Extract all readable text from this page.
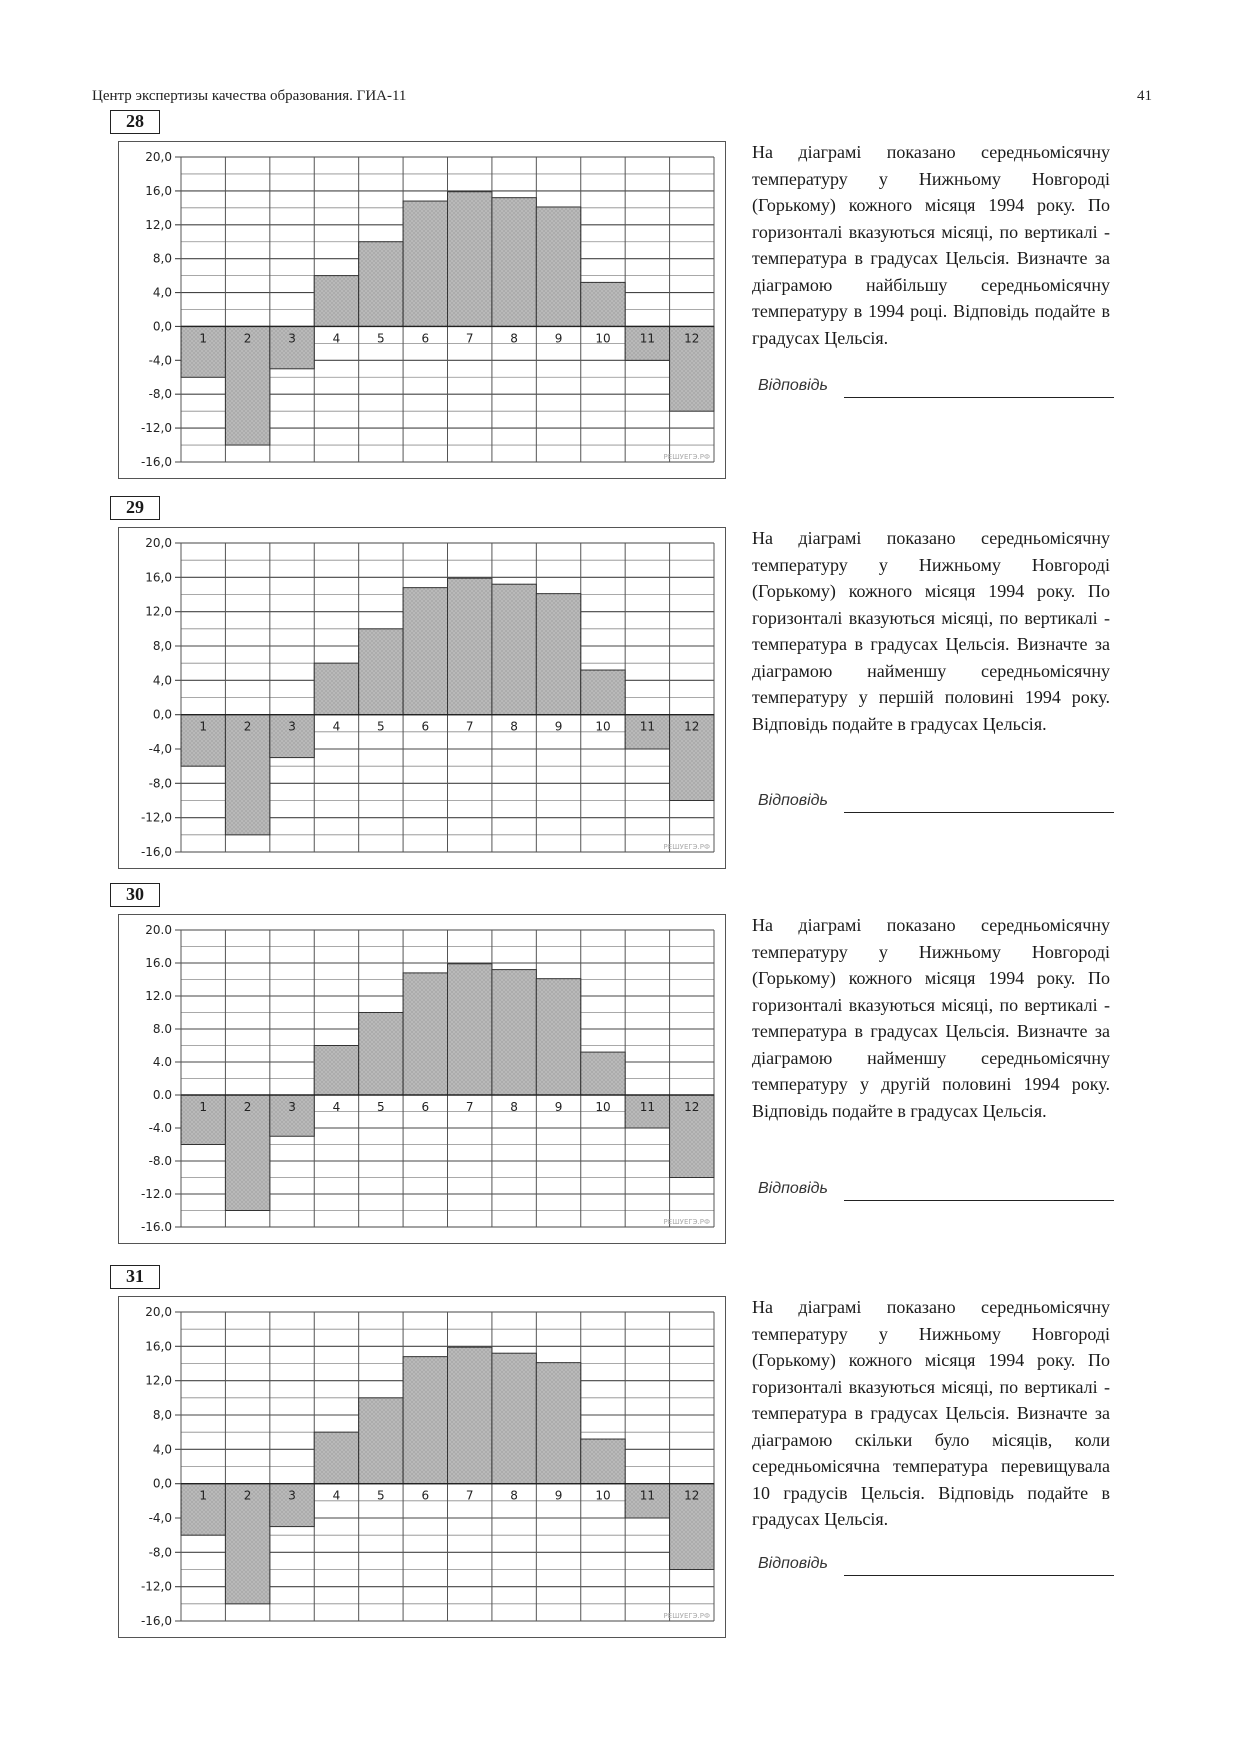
Центр экспертизы качества образования. ГИА-11	41
28
20,0
16,0
12,0
8,0
4,0
0,0
-4,0
-8,0
-12,0
-16,0
1	2	3	4	5	6	7	8	9	10 11 12
РЕШУЕГЭ.РФ
На діаграмі показано середньомісячну температуру у Нижньому Новгороді (Горькому) кожного місяця 1994 року. По горизонталі вказуються місяці, по вертикалі - температура в градусах Цельсія. Визначте за діаграмою найбільшу середньомісячну температуру в 1994 році. Відповідь подайте в градусах Цельсія.
Відповідь
29
20,0
16,0
12,0
8,0
4,0
0,0
-4,0
-8,0
-12,0
-16,0
1	2	3	4	5	6	7	8	9	10 11 12
РЕШУЕГЭ.РФ
На діаграмі показано середньомісячну температуру у Нижньому Новгороді (Горькому) кожного місяця 1994 року. По горизонталі вказуються місяці, по вертикалі - температура в градусах Цельсія. Визначте за діаграмою найменшу середньомісячну температуру у першій половині 1994 року. Відповідь подайте в градусах Цельсія.
Відповідь
30
20.0
16.0
12.0
8.0
4.0
0.0
-4.0
-8.0
-12.0
-16.0
1	2	3	4	5	6	7	8	9	10 11 12
РЕШУЕГЭ.РФ
На діаграмі показано середньомісячну температуру у Нижньому Новгороді (Горькому) кожного місяця 1994 року. По горизонталі вказуються місяці, по вертикалі - температура в градусах Цельсія. Визначте за діаграмою найменшу середньомісячну температуру у другій половині 1994 року. Відповідь подайте в градусах Цельсія.
Відповідь
31
20,0
16,0
12,0
8,0
4,0
0,0
-4,0
-8,0
-12,0
-16,0
1	2	3	4	5	6	7	8	9	10 11 12
РЕШУЕГЭ.РФ
На діаграмі показано середньомісячну температуру у Нижньому Новгороді (Горькому) кожного місяця 1994 року. По горизонталі вказуються місяці, по вертикалі - температура в градусах Цельсія. Визначте за діаграмою скільки було місяців, коли середньомісячна температура перевищувала 10 градусів Цельсія. Відповідь подайте в градусах Цельсія.
Відповідь
